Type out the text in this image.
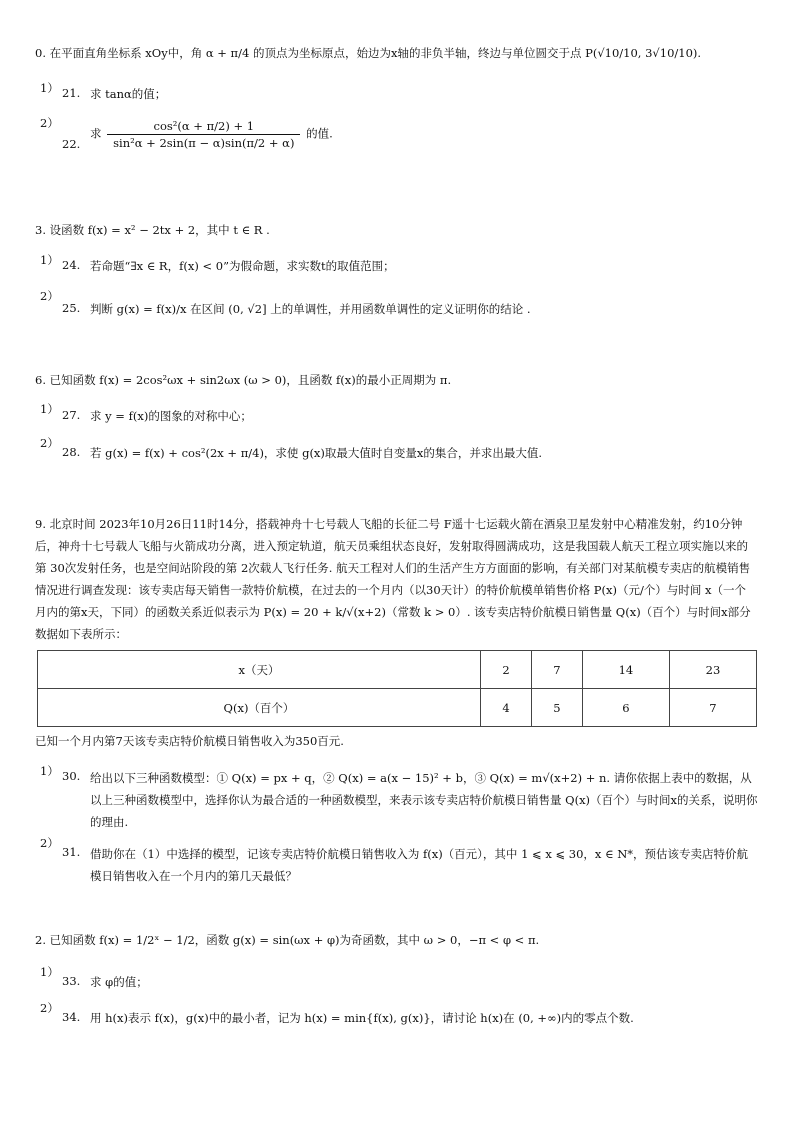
0. 在平面直角坐标系 xOy中，角 α + π/4 的顶点为坐标原点，始边为x轴的非负半轴，终边与单位圆交于点 P(√10/10, 3√10/10).
1） 21. 求 tanα的值；
2）
22.
求 $\frac{\text{cos²(α + π/2) + 1}}{\text{sin²α + 2sin(π − α)sin(π/2 + α)}}$ 的值.
3. 设函数 f(x) = x² − 2tx + 2，其中 t ∈ R .
1） 24. 若命题“∃x ∈ R，f(x) < 0”为假命题，求实数t的取值范围；
2）
25. 判断 g(x) = f(x)/x 在区间 (0, √2] 上的单调性，并用函数单调性的定义证明你的结论 .
6. 已知函数 f(x) = 2cos²ωx + sin2ωx (ω > 0)，且函数 f(x)的最小正周期为 π.
1） 27. 求 y = f(x)的图象的对称中心；
2）
28. 若 g(x) = f(x) + cos²(2x + π/4)，求使 g(x)取最大值时自变量x的集合，并求出最大值.
9. 北京时间 2023年10月26日11时14分，搭载神舟十七号载人飞船的长征二号 F遥十七运载火箭在酒泉卫星发射中心精准发射，约10分钟后，神舟十七号载人飞船与火箭成功分离，进入预定轨道，航天员乘组状态良好，发射取得圆满成功，这是我国载人航天工程立项实施以来的第 30次发射任务，也是空间站阶段的第 2次载人飞行任务. 航天工程对人们的生活产生方方面面的影响，有关部门对某航模专卖店的航模销售情况进行调查发现：该专卖店每天销售一款特价航模，在过去的一个月内（以30天计）的特价航模单销售价格 P(x)（元/个）与时间 x（一个月内的第x天，下同）的函数关系近似表示为 P(x) = 20 + k/√(x+2)（常数 k > 0）. 该专卖店特价航模日销售量 Q(x)（百个）与时间x部分数据如下表所示：
x（天）	2	7	14	23
Q(x)（百个）	4	5	6	7
已知一个月内第7天该专卖店特价航模日销售收入为350百元.
1） 30. 给出以下三种函数模型：① Q(x) = px + q，② Q(x) = a(x − 15)² + b，③ Q(x) = m√(x+2) + n. 请你依据上表中的数据，从以上三种函数模型中，选择你认为最合适的一种函数模型，来表示该专卖店特价航模日销售量 Q(x)（百个）与时间x的关系，说明你的理由.
2）
31. 借助你在（1）中选择的模型，记该专卖店特价航模日销售收入为 f(x)（百元），其中 1 ⩽ x ⩽ 30，x ∈ N*，预估该专卖店特价航模日销售收入在一个月内的第几天最低？
2. 已知函数 f(x) = 1/2ˣ − 1/2，函数 g(x) = sin(ωx + φ)为奇函数，其中 ω > 0，−π < φ < π.
1）
33. 求 φ的值；
2）
34. 用 h(x)表示 f(x)，g(x)中的最小者，记为 h(x) = min{f(x), g(x)}，请讨论 h(x)在 (0, +∞)内的零点个数.
